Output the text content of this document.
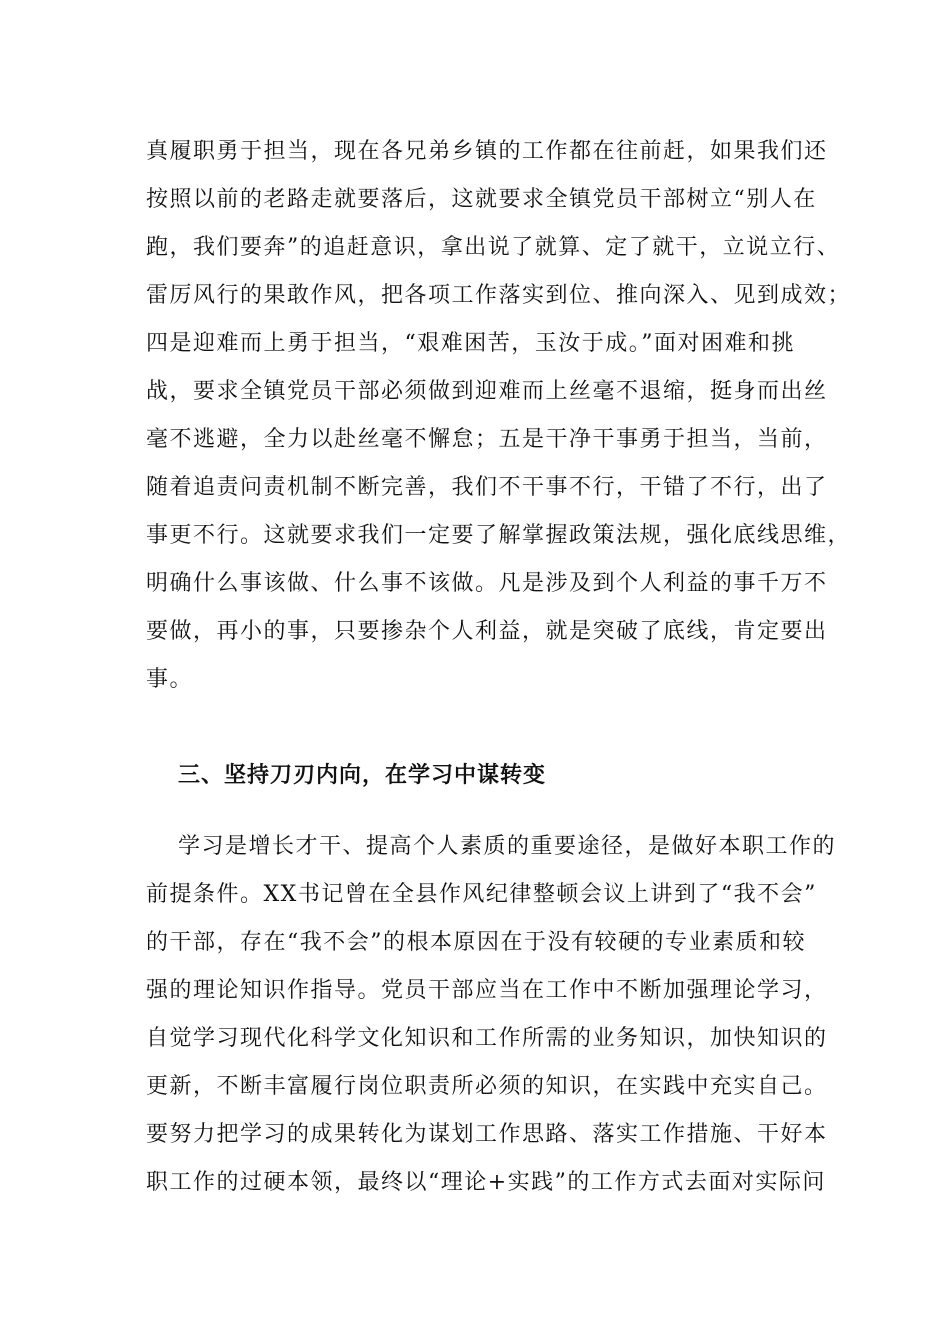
真履职勇于担当，现在各兄弟乡镇的工作都在往前赶，如果我们还
按照以前的老路走就要落后，这就要求全镇党员干部树立“别人在
跑，我们要奔”的追赶意识，拿出说了就算、定了就干，立说立行、
雷厉风行的果敢作风，把各项工作落实到位、推向深入、见到成效；
四是迎难而上勇于担当，“艰难困苦，玉汝于成。”面对困难和挑
战，要求全镇党员干部必须做到迎难而上丝毫不退缩，挺身而出丝
毫不逃避，全力以赴丝毫不懈怠；五是干净干事勇于担当，当前，
随着追责问责机制不断完善，我们不干事不行，干错了不行，出了
事更不行。这就要求我们一定要了解掌握政策法规，强化底线思维，
明确什么事该做、什么事不该做。凡是涉及到个人利益的事千万不
要做，再小的事，只要掺杂个人利益，就是突破了底线，肯定要出
事。
三、坚持刀刃内向，在学习中谋转变
学习是增长才干、提高个人素质的重要途径，是做好本职工作的
前提条件。XX书记曾在全县作风纪律整顿会议上讲到了“我不会”
的干部，存在“我不会”的根本原因在于没有较硬的专业素质和较
强的理论知识作指导。党员干部应当在工作中不断加强理论学习，
自觉学习现代化科学文化知识和工作所需的业务知识，加快知识的
更新，不断丰富履行岗位职责所必须的知识，在实践中充实自己。
要努力把学习的成果转化为谋划工作思路、落实工作措施、干好本
职工作的过硬本领，最终以“理论+实践”的工作方式去面对实际问
